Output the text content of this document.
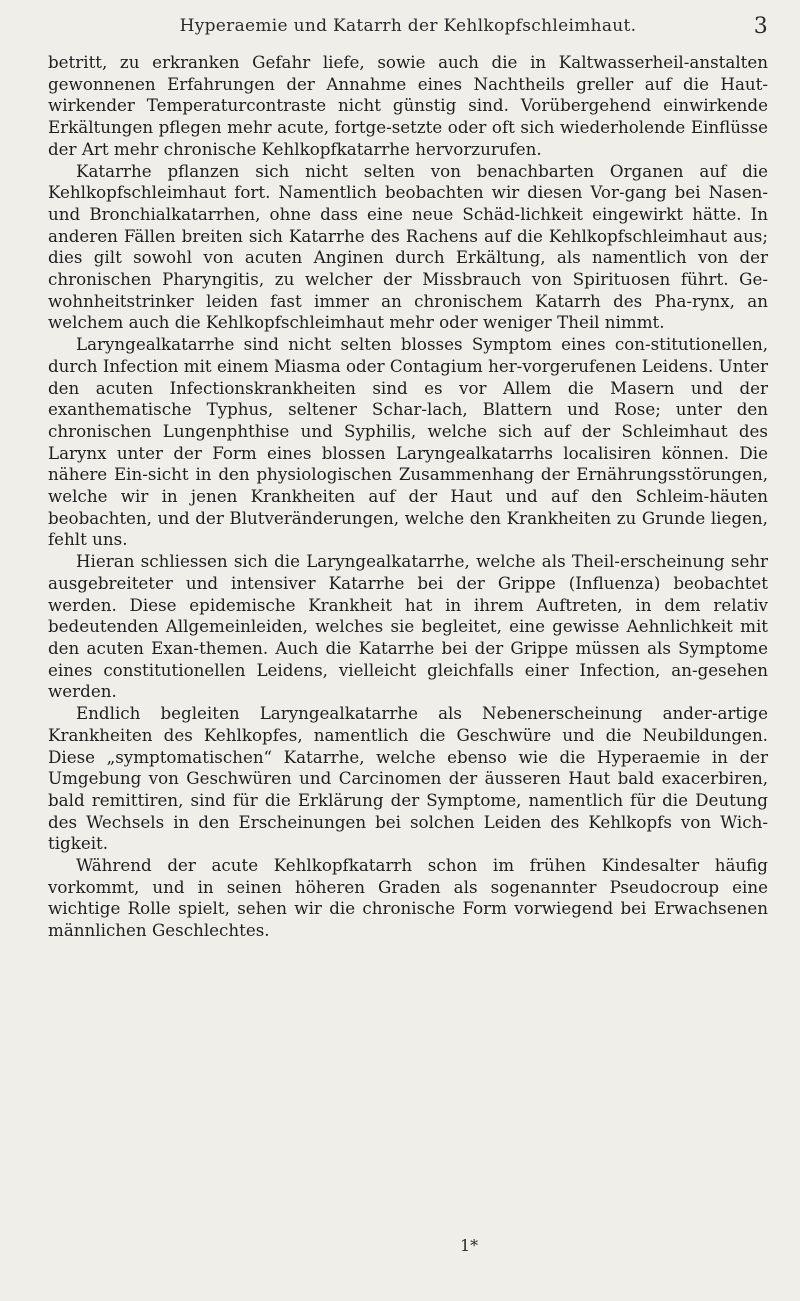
Hyperaemie und Katarrh der Kehlkopfschleimhaut.	3

betritt, zu erkranken Gefahr liefe, sowie auch die in Kaltwasserheil-anstalten gewonnenen Erfahrungen der Annahme eines Nachtheils greller auf die Haut-wirkender Temperaturcontraste nicht günstig sind. Vorübergehend einwirkende Erkältungen pflegen mehr acute, fortge-setzte oder oft sich wiederholende Einflüsse der Art mehr chronische Kehlkopfkatarrhe hervorzurufen.

Katarrhe pflanzen sich nicht selten von benachbarten Organen auf die Kehlkopfschleimhaut fort. Namentlich beobachten wir diesen Vor-gang bei Nasen- und Bronchialkatarrhen, ohne dass eine neue Schäd-lichkeit eingewirkt hätte. In anderen Fällen breiten sich Katarrhe des Rachens auf die Kehlkopfschleimhaut aus; dies gilt sowohl von acuten Anginen durch Erkältung, als namentlich von der chronischen Pharyngitis, zu welcher der Missbrauch von Spirituosen führt. Ge-wohnheitstrinker leiden fast immer an chronischem Katarrh des Pha-rynx, an welchem auch die Kehlkopfschleimhaut mehr oder weniger Theil nimmt.

Laryngealkatarrhe sind nicht selten blosses Symptom eines con-stitutionellen, durch Infection mit einem Miasma oder Contagium her-vorgerufenen Leidens. Unter den acuten Infectionskrankheiten sind es vor Allem die Masern und der exanthematische Typhus, seltener Schar-lach, Blattern und Rose; unter den chronischen Lungenphthise und Syphilis, welche sich auf der Schleimhaut des Larynx unter der Form eines blossen Laryngealkatarrhs localisiren können. Die nähere Ein-sicht in den physiologischen Zusammenhang der Ernährungsstörungen, welche wir in jenen Krankheiten auf der Haut und auf den Schleim-häuten beobachten, und der Blutveränderungen, welche den Krankheiten zu Grunde liegen, fehlt uns.

Hieran schliessen sich die Laryngealkatarrhe, welche als Theil-erscheinung sehr ausgebreiteter und intensiver Katarrhe bei der Grippe (Influenza) beobachtet werden. Diese epidemische Krankheit hat in ihrem Auftreten, in dem relativ bedeutenden Allgemeinleiden, welches sie begleitet, eine gewisse Aehnlichkeit mit den acuten Exan-themen. Auch die Katarrhe bei der Grippe müssen als Symptome eines constitutionellen Leidens, vielleicht gleichfalls einer Infection, an-gesehen werden.

Endlich begleiten Laryngealkatarrhe als Nebenerscheinung ander-artige Krankheiten des Kehlkopfes, namentlich die Geschwüre und die Neubildungen. Diese „symptomatischen“ Katarrhe, welche ebenso wie die Hyperaemie in der Umgebung von Geschwüren und Carcinomen der äusseren Haut bald exacerbiren, bald remittiren, sind für die Erklärung der Symptome, namentlich für die Deutung des Wechsels in den Erscheinungen bei solchen Leiden des Kehlkopfs von Wich-tigkeit.

Während der acute Kehlkopfkatarrh schon im frühen Kindesalter häufig vorkommt, und in seinen höheren Graden als sogenannter Pseudocroup eine wichtige Rolle spielt, sehen wir die chronische Form vorwiegend bei Erwachsenen männlichen Geschlechtes.

1*
